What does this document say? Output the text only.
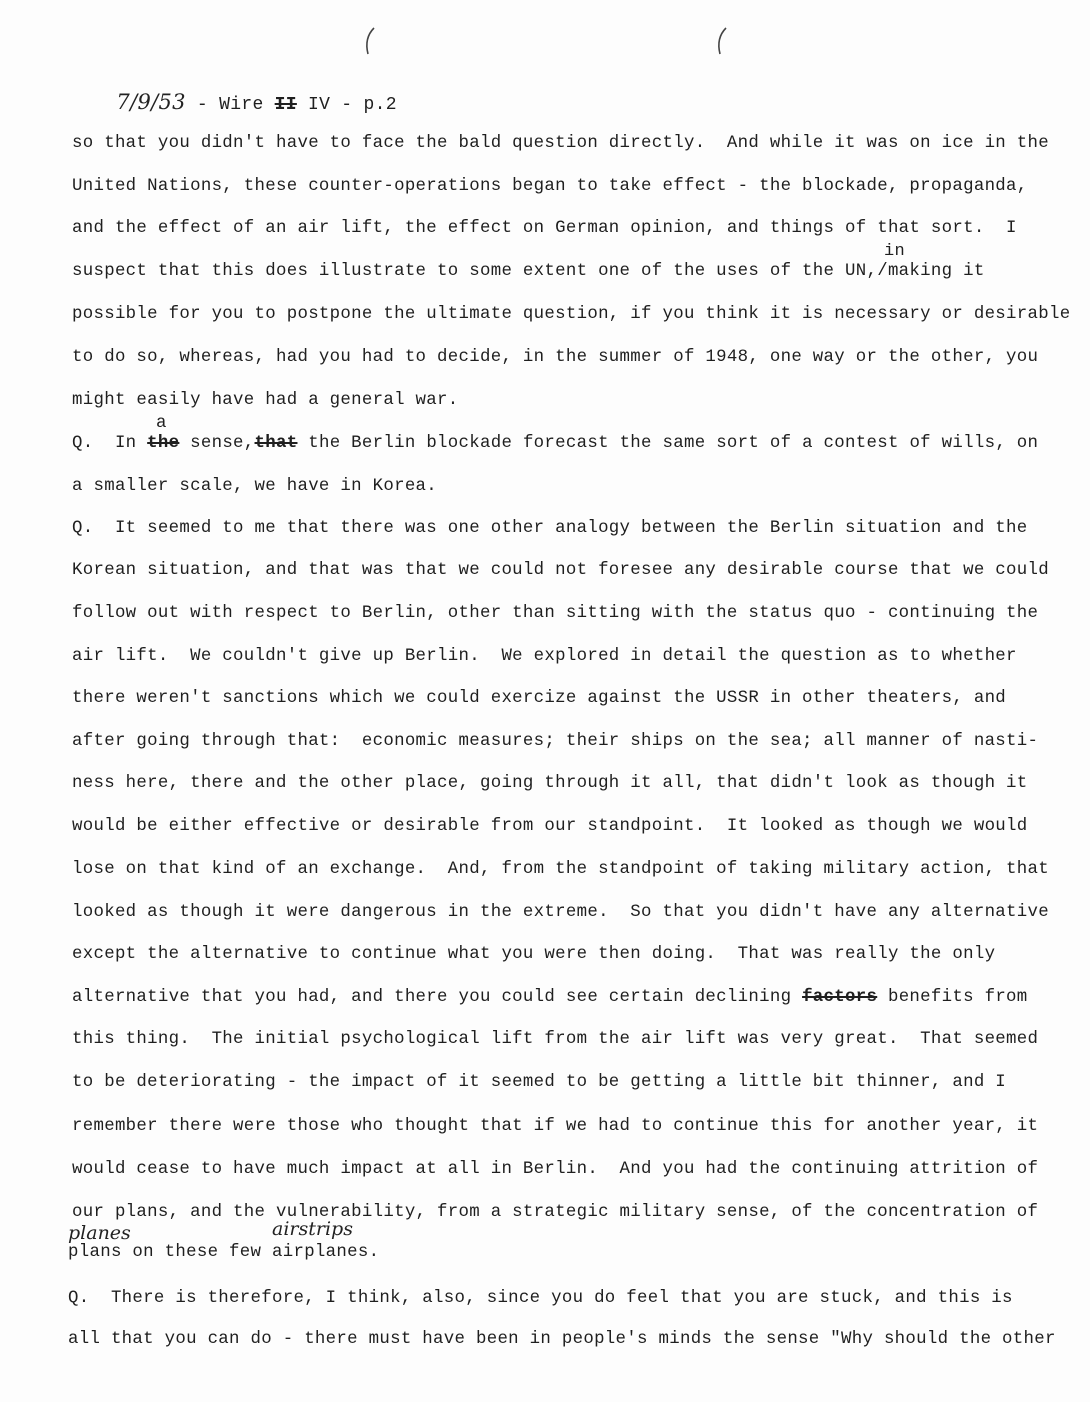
7/9/53 - Wire II IV - p.2

so that you didn't have to face the bald question directly.  And while it was on ice in the
United Nations, these counter-operations began to take effect - the blockade, propaganda,
and the effect of an air lift, the effect on German opinion, and things of that sort.  I
in
suspect that this does illustrate to some extent one of the uses of the UN,/making it
possible for you to postpone the ultimate question, if you think it is necessary or desirable
to do so, whereas, had you had to decide, in the summer of 1948, one way or the other, you
might easily have had a general war.
a
Q.  In the sense,that the Berlin blockade forecast the same sort of a contest of wills, on
a smaller scale, we have in Korea.
Q.  It seemed to me that there was one other analogy between the Berlin situation and the
Korean situation, and that was that we could not foresee any desirable course that we could
follow out with respect to Berlin, other than sitting with the status quo - continuing the
air lift.  We couldn't give up Berlin.  We explored in detail the question as to whether
there weren't sanctions which we could exercize against the USSR in other theaters, and
after going through that:  economic measures; their ships on the sea; all manner of nasti-
ness here, there and the other place, going through it all, that didn't look as though it
would be either effective or desirable from our standpoint.  It looked as though we would
lose on that kind of an exchange.  And, from the standpoint of taking military action, that
looked as though it were dangerous in the extreme.  So that you didn't have any alternative
except the alternative to continue what you were then doing.  That was really the only
alternative that you had, and there you could see certain declining factors benefits from
this thing.  The initial psychological lift from the air lift was very great.  That seemed
to be deteriorating - the impact of it seemed to be getting a little bit thinner, and I
remember there were those who thought that if we had to continue this for another year, it
would cease to have much impact at all in Berlin.  And you had the continuing attrition of
our plans, and the vulnerability, from a strategic military sense, of the concentration of
planes	airstrips
plans on these few airplanes.
Q.  There is therefore, I think, also, since you do feel that you are stuck, and this is
all that you can do - there must have been in people's minds the sense "Why should the other
